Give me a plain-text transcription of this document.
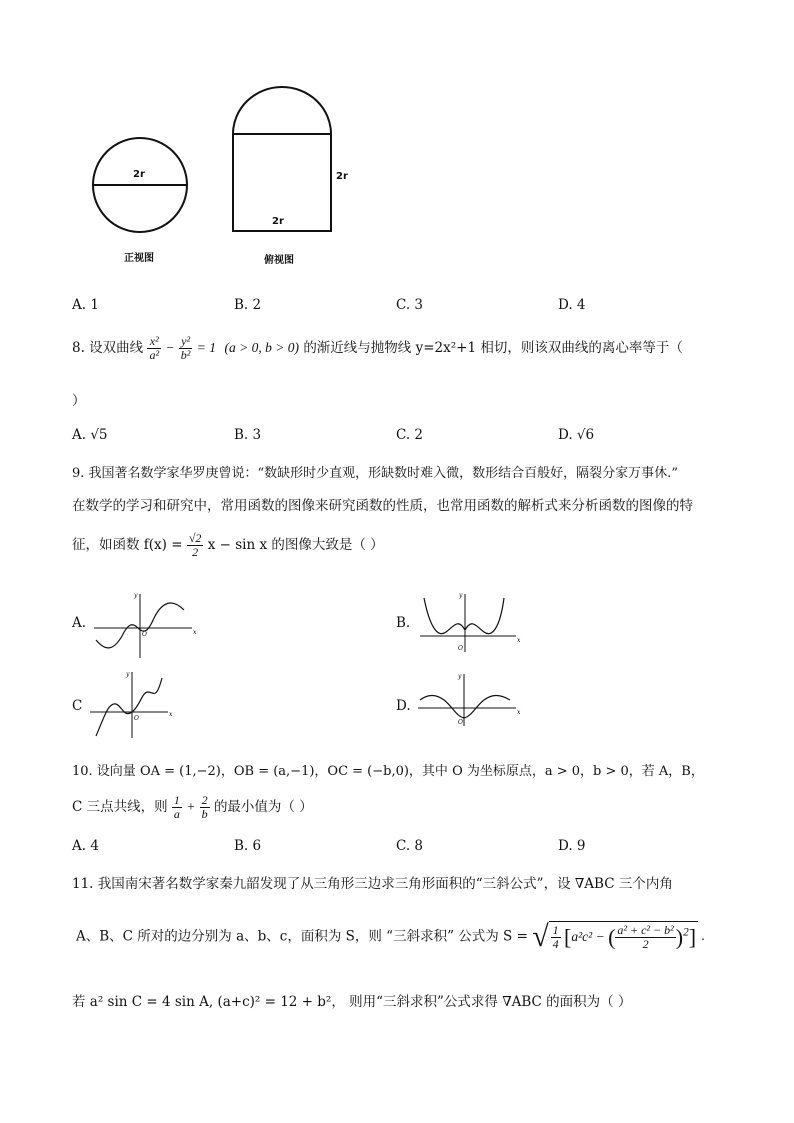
2r
正视图
2r
2r
俯视图
A. 1	B. 2	C. 3	D. 4
8. 设双曲线 $\frac{\text{x²}}{\text{a²}} - \frac{\text{y²}}{\text{b²}} = 1$ (a > 0, b > 0) 的渐近线与抛物线 y=2x²+1 相切，则该双曲线的离心率等于（
）
A. √5	B. 3	C. 2	D. √6
9. 我国著名数学家华罗庚曾说：“数缺形时少直观，形缺数时难入微，数形结合百般好，隔裂分家万事休.”
在数学的学习和研究中，常用函数的图像来研究函数的性质，也常用函数的解析式来分析函数的图像的特
征，如函数 $f(x) = \frac{√2}{2}$ x − sin x 的图像大致是（ ）
A.
y
x
O
B.
y
x
O
C
y
x
O
D.
y
x
O
10. 设向量 OA = (1,−2)，OB = (a,−1)，OC = (−b,0)，其中 O 为坐标原点，a > 0，b > 0，若 A，B，
C 三点共线，则 $\frac{1}{a} + \frac{2}{b}$ 的最小值为（ ）
A. 4	B. 6	C. 8	D. 9
11. 我国南宋著名数学家秦九韶发现了从三角形三边求三角形面积的“三斜公式”，设 ∇ABC 三个内角
A、B、C 所对的边分别为 a、b、c，面积为 S，则 “三斜求积” 公式为 S = √ $\frac{1}{4} [a^2c^2$ − ( $\frac{\text{a² + c² − b²}}{2} )^2$] .
若 a² sin C = 4 sin A, (a+c)² = 12 + b²， 则用“三斜求积”公式求得 ∇ABC 的面积为（ ）
